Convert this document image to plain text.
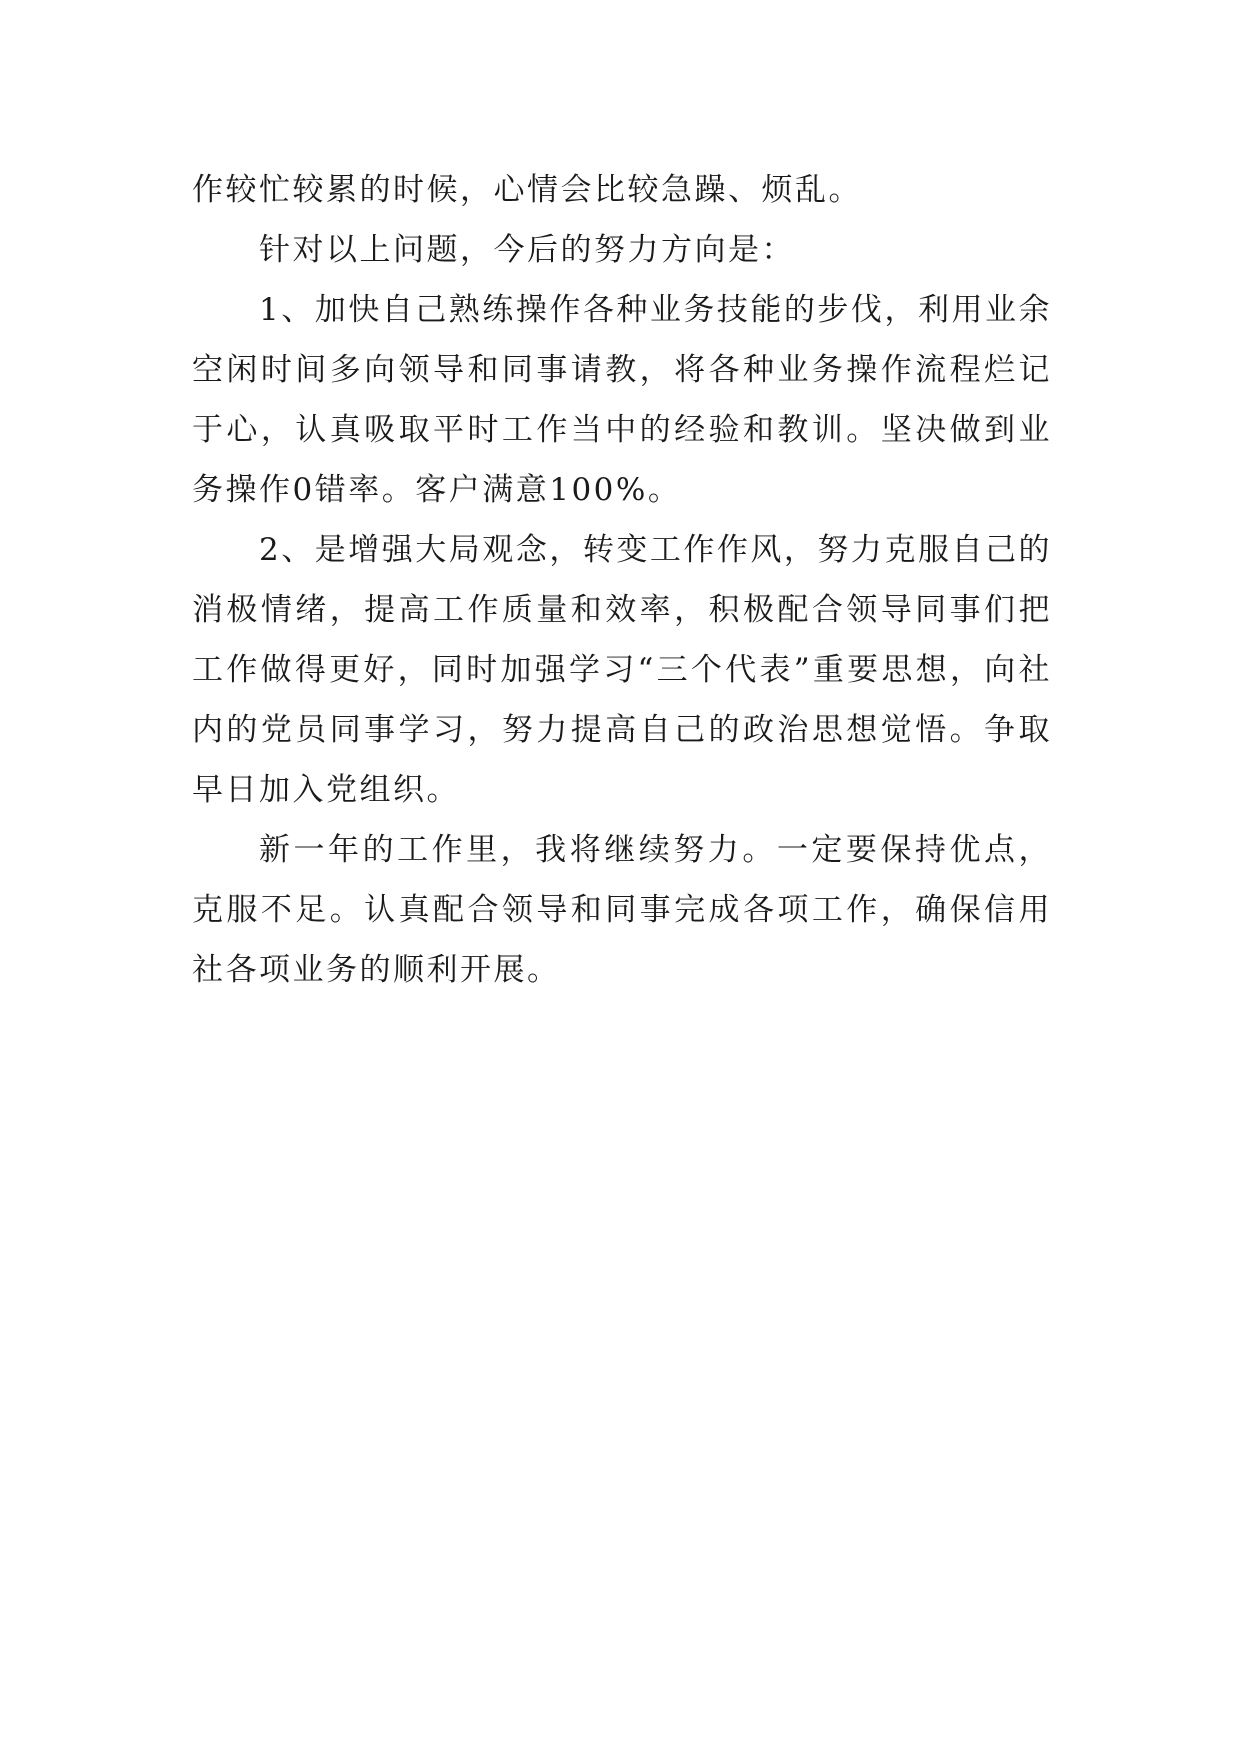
作较忙较累的时候，心情会比较急躁、烦乱。

针对以上问题，今后的努力方向是：

1、加快自己熟练操作各种业务技能的步伐，利用业余空闲时间多向领导和同事请教，将各种业务操作流程烂记于心，认真吸取平时工作当中的经验和教训。坚决做到业务操作0错率。客户满意100%。

2、是增强大局观念，转变工作作风，努力克服自己的消极情绪，提高工作质量和效率，积极配合领导同事们把工作做得更好，同时加强学习“三个代表”重要思想，向社内的党员同事学习，努力提高自己的政治思想觉悟。争取早日加入党组织。

新一年的工作里，我将继续努力。一定要保持优点，克服不足。认真配合领导和同事完成各项工作，确保信用社各项业务的顺利开展。
